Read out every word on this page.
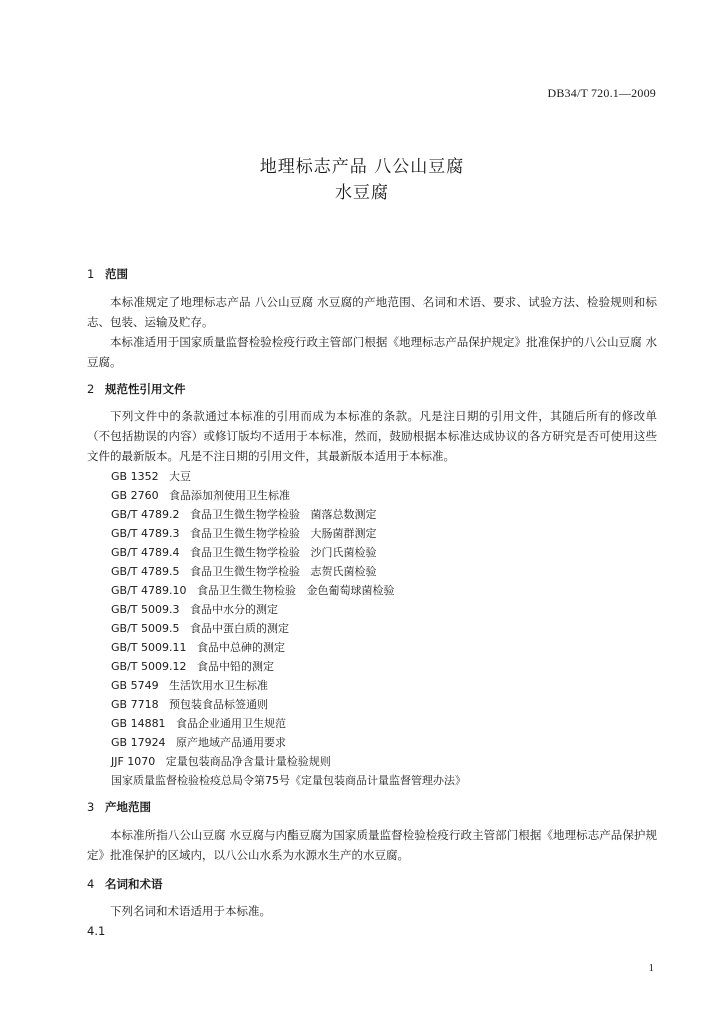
DB34/T 720.1—2009
地理标志产品 八公山豆腐
水豆腐
1 范围
本标准规定了地理标志产品 八公山豆腐 水豆腐的产地范围、名词和术语、要求、试验方法、检验规则和标志、包装、运输及贮存。
本标准适用于国家质量监督检验检疫行政主管部门根据《地理标志产品保护规定》批准保护的八公山豆腐 水豆腐。
2 规范性引用文件
下列文件中的条款通过本标准的引用而成为本标准的条款。凡是注日期的引用文件，其随后所有的修改单（不包括勘误的内容）或修订版均不适用于本标准，然而，鼓励根据本标准达成协议的各方研究是否可使用这些文件的最新版本。凡是不注日期的引用文件，其最新版本适用于本标准。
GB 1352   大豆
GB 2760   食品添加剂使用卫生标准
GB/T 4789.2   食品卫生微生物学检验   菌落总数测定
GB/T 4789.3   食品卫生微生物学检验   大肠菌群测定
GB/T 4789.4   食品卫生微生物学检验   沙门氏菌检验
GB/T 4789.5   食品卫生微生物学检验   志贺氏菌检验
GB/T 4789.10   食品卫生微生物检验   金色葡萄球菌检验
GB/T 5009.3   食品中水分的测定
GB/T 5009.5   食品中蛋白质的测定
GB/T 5009.11   食品中总砷的测定
GB/T 5009.12   食品中铅的测定
GB 5749   生活饮用水卫生标准
GB 7718   预包装食品标签通则
GB 14881   食品企业通用卫生规范
GB 17924   原产地域产品通用要求
JJF 1070   定量包装商品净含量计量检验规则
国家质量监督检验检疫总局令第75号《定量包装商品计量监督管理办法》
3 产地范围
本标准所指八公山豆腐 水豆腐与内酯豆腐为国家质量监督检验检疫行政主管部门根据《地理标志产品保护规定》批准保护的区域内，以八公山水系为水源水生产的水豆腐。
4 名词和术语
下列名词和术语适用于本标准。
4.1
1
